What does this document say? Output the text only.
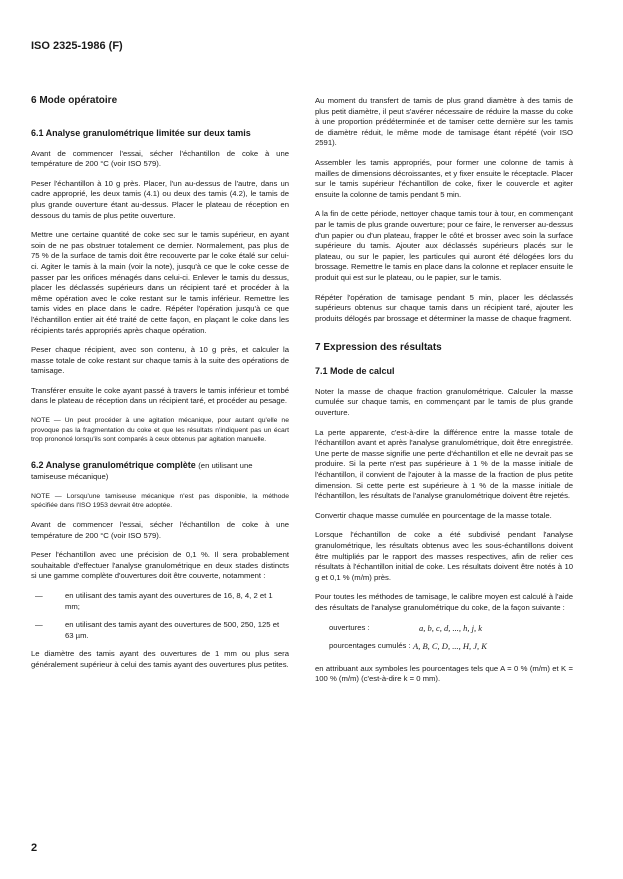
ISO 2325-1986 (F)
6 Mode opératoire
6.1 Analyse granulométrique limitée sur deux tamis

Avant de commencer l'essai, sécher l'échantillon de coke à une température de 200 °C (voir ISO 579).

Peser l'échantillon à 10 g près. Placer, l'un au-dessus de l'autre, dans un cadre approprié, les deux tamis (4.1) ou deux des tamis (4.2), le tamis de plus grande ouverture étant au-dessus. Placer le plateau de réception en dessous du tamis de plus petite ouverture.

Mettre une certaine quantité de coke sec sur le tamis supérieur, en ayant soin de ne pas obstruer totalement ce dernier. Normalement, pas plus de 75 % de la surface de tamis doit être recouverte par le coke étalé sur celui-ci. Agiter le tamis à la main (voir la note), jusqu'à ce que le coke cesse de passer par les orifices ménagés dans celui-ci. Enlever le tamis du dessus, placer les déclassés supérieurs dans un récipient taré et procéder à la même opération avec le coke restant sur le tamis inférieur. Remettre les tamis vides en place dans le cadre. Répéter l'opération jusqu'à ce que l'échantillon entier ait été traité de cette façon, en plaçant le coke dans les récipients tarés appropriés après chaque opération.

Peser chaque récipient, avec son contenu, à 10 g près, et calculer la masse totale de coke restant sur chaque tamis à la suite des opérations de tamisage.

Transférer ensuite le coke ayant passé à travers le tamis inférieur et tombé dans le plateau de réception dans un récipient taré, et procéder au pesage.

NOTE — Un peut procéder à une agitation mécanique, pour autant qu'elle ne provoque pas la fragmentation du coke et que les résultats n'indiquent pas un écart trop prononcé lorsqu'ils sont comparés à ceux obtenus par agitation manuelle.

6.2 Analyse granulométrique complète (en utilisant une tamiseuse mécanique)

NOTE — Lorsqu'une tamiseuse mécanique n'est pas disponible, la méthode spécifiée dans l'ISO 1953 devrait être adoptée.

Avant de commencer l'essai, sécher l'échantillon de coke à une température de 200 °C (voir ISO 579).

Peser l'échantillon avec une précision de 0,1 %. Il sera probablement souhaitable d'effectuer l'analyse granulométrique en deux stades distincts si une gamme complète d'ouvertures doit être couverte, notamment :

—	en utilisant des tamis ayant des ouvertures de 16, 8, 4, 2 et 1 mm;
—	en utilisant des tamis ayant des ouvertures de 500, 250, 125 et 63 µm.

Le diamètre des tamis ayant des ouvertures de 1 mm ou plus sera généralement supérieur à celui des tamis ayant des ouvertures plus petites.

Au moment du transfert de tamis de plus grand diamètre à des tamis de plus petit diamètre, il peut s'avérer nécessaire de réduire la masse du coke à une proportion prédéterminée et de tamiser cette dernière sur les tamis de diamètre réduit, le même mode de tamisage étant répété (voir ISO 2591).

Assembler les tamis appropriés, pour former une colonne de tamis à mailles de dimensions décroissantes, et y fixer ensuite le réceptacle. Placer sur le tamis supérieur l'échantillon de coke, fixer le couvercle et agiter ensuite la colonne de tamis pendant 5 min.

A la fin de cette période, nettoyer chaque tamis tour à tour, en commençant par le tamis de plus grande ouverture; pour ce faire, le renverser au-dessus d'un papier ou d'un plateau, frapper le côté et brosser avec soin la surface supérieure du tamis. Ajouter aux déclassés supérieurs placés sur le plateau, ou sur le papier, les particules qui auront été délogées lors du brossage. Remettre le tamis en place dans la colonne et replacer ensuite le produit qui est sur le plateau, ou le papier, sur le tamis.

Répéter l'opération de tamisage pendant 5 min, placer les déclassés supérieurs obtenus sur chaque tamis dans un récipient taré, ajouter les produits délogés par brossage et déterminer la masse de chaque fragment.

7 Expression des résultats
7.1 Mode de calcul

Noter la masse de chaque fraction granulométrique. Calculer la masse cumulée sur chaque tamis, en commençant par le tamis de plus grande ouverture.

La perte apparente, c'est-à-dire la différence entre la masse totale de l'échantillon avant et après l'analyse granulométrique, doit être enregistrée. Une perte de masse signifie une perte d'échantillon et elle ne devrait pas se produire. Si la perte n'est pas supérieure à 1 % de la masse initiale de l'échantillon, il convient de l'ajouter à la masse de la fraction de plus petite dimension. Si cette perte est supérieure à 1 % de la masse initiale de l'échantillon, les résultats de l'analyse granulométrique doivent être rejetés.

Convertir chaque masse cumulée en pourcentage de la masse totale.

Lorsque l'échantillon de coke a été subdivisé pendant l'analyse granulométrique, les résultats obtenus avec les sous-échantillons doivent être multipliés par le rapport des masses respectives, afin de relier ces résultats à l'échantillon initial de coke. Les résultats doivent être notés à 10 g et 0,1 % (m/m) près.

Pour toutes les méthodes de tamisage, le calibre moyen est calculé à l'aide des résultats de l'analyse granulométrique du coke, de la façon suivante :

ouvertures :	a, b, c, d, ..., h, j, k
pourcentages cumulés : A, B, C, D, ..., H, J, K

en attribuant aux symboles les pourcentages tels que A = 0 % (m/m) et K = 100 % (m/m) (c'est-à-dire k = 0 mm).

2
